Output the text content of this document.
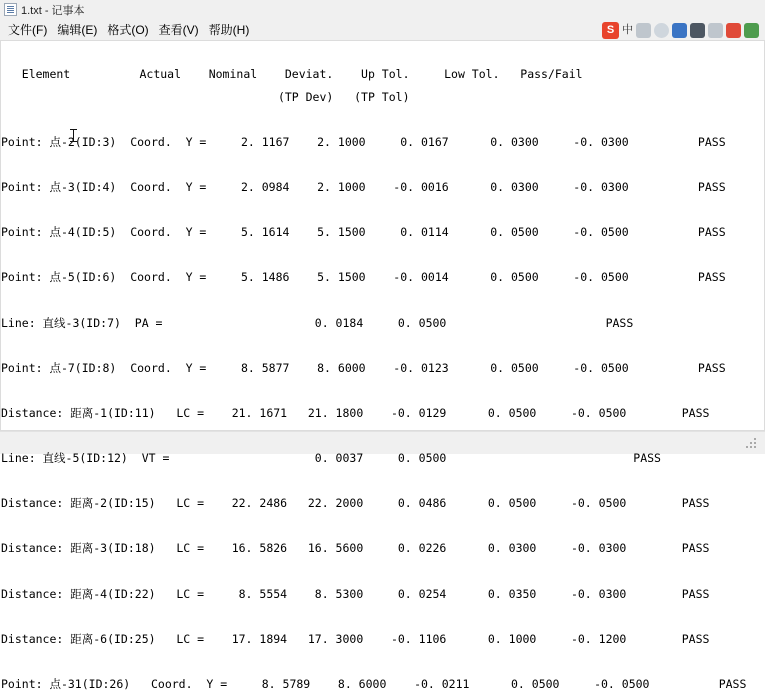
1.txt - 记事本
文件(F) 编辑(E) 格式(O) 查看(V) 帮助(H)	S 中
Element          Actual    Nominal    Deviat.    Up Tol.     Low Tol.   Pass/Fail
(TP Dev)   (TP Tol)

Point: 点-2(ID:3)  Coord.  Y =     2. 1167    2. 1000     0. 0167      0. 0300     -0. 0300          PASS

Point: 点-3(ID:4)  Coord.  Y =     2. 0984    2. 1000    -0. 0016      0. 0300     -0. 0300          PASS

Point: 点-4(ID:5)  Coord.  Y =     5. 1614    5. 1500     0. 0114      0. 0500     -0. 0500          PASS

Point: 点-5(ID:6)  Coord.  Y =     5. 1486    5. 1500    -0. 0014      0. 0500     -0. 0500          PASS

Line: 直线-3(ID:7)  PA =                      0. 0184     0. 0500                       PASS

Point: 点-7(ID:8)  Coord.  Y =     8. 5877    8. 6000    -0. 0123      0. 0500     -0. 0500          PASS

Distance: 距离-1(ID:11)   LC =    21. 1671   21. 1800    -0. 0129      0. 0500     -0. 0500        PASS

Line: 直线-5(ID:12)  VT =                     0. 0037     0. 0500                           PASS

Distance: 距离-2(ID:15)   LC =    22. 2486   22. 2000     0. 0486      0. 0500     -0. 0500        PASS

Distance: 距离-3(ID:18)   LC =    16. 5826   16. 5600     0. 0226      0. 0300     -0. 0300        PASS

Distance: 距离-4(ID:22)   LC =     8. 5554    8. 5300     0. 0254      0. 0350     -0. 0300        PASS

Distance: 距离-6(ID:25)   LC =    17. 1894   17. 3000    -0. 1106      0. 1000     -0. 1200        PASS

Point: 点-31(ID:26)   Coord.  Y =     8. 5789    8. 6000    -0. 0211      0. 0500     -0. 0500          PASS
